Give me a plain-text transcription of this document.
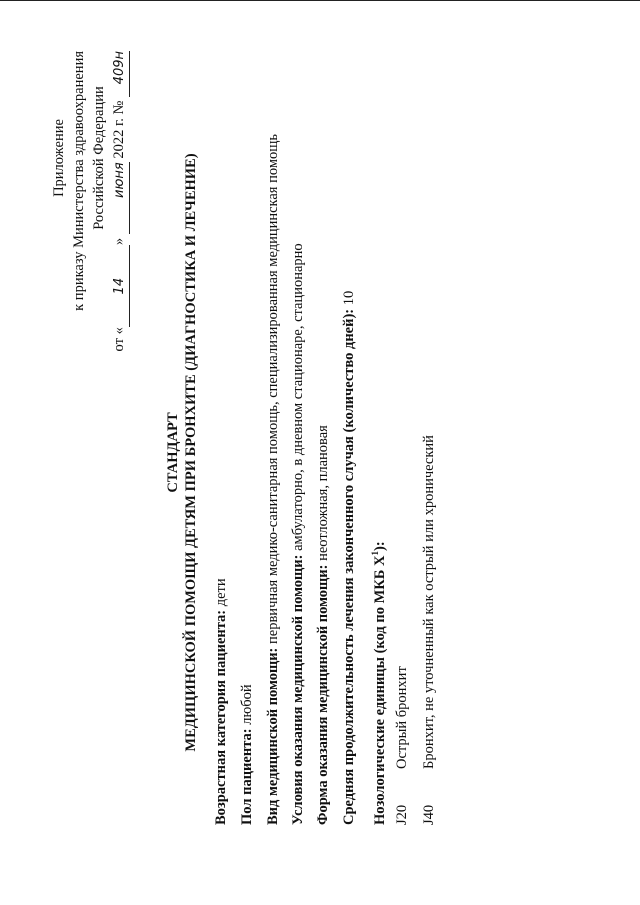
Приложение к приказу Министерства здравоохранения Российской Федерации
от «14» июня 2022 г. № 409н
СТАНДАРТ МЕДИЦИНСКОЙ ПОМОЩИ ДЕТЯМ ПРИ БРОНХИТЕ (ДИАГНОСТИКА И ЛЕЧЕНИЕ) Возрастная категория пациента: дети
Пол пациента: любой Вид медицинской помощи: первичная медико-санитарная помощь, специализированная медицинская помощь
Условия оказания медицинской помощи: амбулаторно, в дневном стационаре, стационарно
Форма оказания медицинской помощи: неотложная, плановая Средняя продолжительность лечения законченного случая (количество дней): 10
Нозологические единицы (код по МКБ $X^1$):
J20Острый бронхит
J40Бронхит, не уточненный как острый или хронический
